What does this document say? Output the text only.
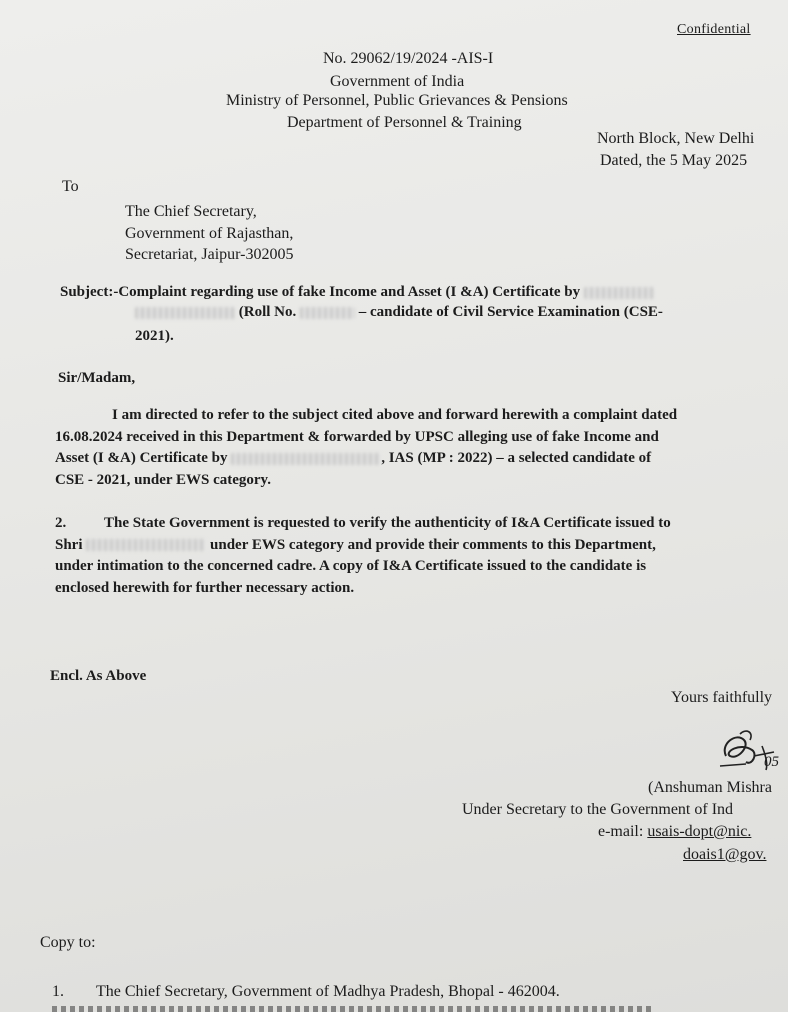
Confidential
No. 29062/19/2024 -AIS-I
Government of India
Ministry of Personnel, Public Grievances & Pensions
Department of Personnel & Training
North Block, New Delhi
Dated, the 5 May 2025
To
The Chief Secretary,
Government of Rajasthan,
Secretariat, Jaipur-302005
Subject:-Complaint regarding use of fake Income and Asset (I &A) Certificate by
(Roll No.	– candidate of Civil Service Examination (CSE-
2021).
Sir/Madam,

I am directed to refer to the subject cited above and forward herewith a complaint dated

16.08.2024 received in this Department & forwarded by UPSC alleging use of fake Income and

Asset (I &A) Certificate by	, IAS (MP : 2022) – a selected candidate of

CSE - 2021, under EWS category.

2.	The State Government is requested to verify the authenticity of I&A Certificate issued to

Shri	under EWS category and provide their comments to this Department,

under intimation to the concerned cadre. A copy of I&A Certificate issued to the candidate is

enclosed herewith for further necessary action.

Encl. As Above
Yours faithfully
05
(Anshuman Mishra
Under Secretary to the Government of Ind
e-mail: usais-dopt@nic.
doais1@gov.
Copy to:
1. The Chief Secretary, Government of Madhya Pradesh, Bhopal - 462004.
